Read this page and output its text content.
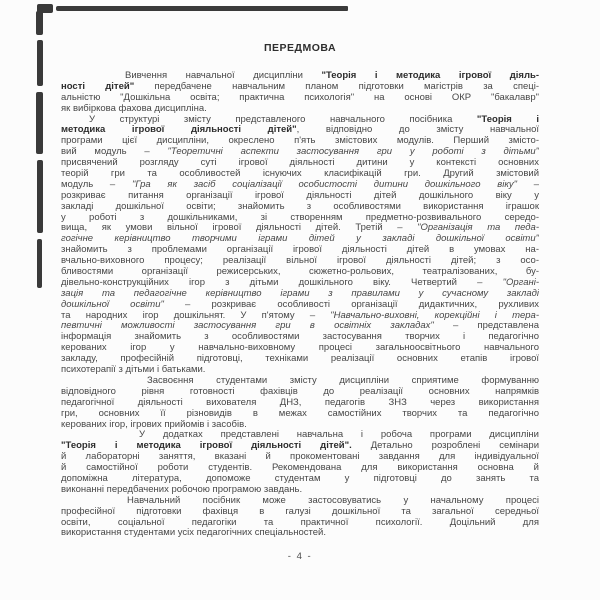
ПЕРЕДМОВА
Вивчення навчальної дисципліни "Теорія і методика ігрової діяль-
ності дітей" передбачене навчальним планом підготовки магістрів за спеці-
альністю "Дошкільна освіта; практична психологія" на основі ОКР "бакалавр"
як вибіркова фахова дисципліна.
У структурі змісту представленого навчального посібника "Теорія і
методика ігрової діяльності дітей", відповідно до змісту навчальної
програми цієї дисципліни, окреслено п'ять змістових модулів. Перший змісто-
вий модуль – "Теоретичні аспекти застосування гри у роботі з дітьми"
присвячений розгляду суті ігрової діяльності дитини у контексті основних
теорій гри та особливостей існуючих класифікацій гри. Другий змістовий
модуль – "Гра як засіб соціалізації особистості дитини дошкільного віку" –
розкриває питання організації ігрової діяльності дітей дошкільного віку у
закладі дошкільної освіти; знайомить з особливостями використання іграшок
у роботі з дошкільниками, зі створенням предметно-розвивального середо-
вища, як умови вільної ігрової діяльності дітей. Третій – "Організація та педа-
гогічне керівництво творчими іграми дітей у закладі дошкільної освіти"
знайомить з проблемами організації ігрової діяльності дітей в умовах на-
вчально-виховного процесу; реалізації вільної ігрової діяльності дітей; з осо-
бливостями організації режисерських, сюжетно-рольових, театралізованих, бу-
дівельно-конструкційних ігор з дітьми дошкільного віку. Четвертий – "Органі-
зація та педагогічне керівництво іграми з правилами у сучасному закладі
дошкільної освіти" – розкриває особливості організації дидактичних, рухливих
та народних ігор дошкільнят. У п'ятому – "Навчально-виховні, корекційні і тера-
певтичні можливості застосування гри в освітніх закладах" – представлена
інформація знайомить з особливостями застосування творчих і педагогічно
керованих ігор у навчально-виховному процесі загальноосвітнього навчального
закладу, професійній підготовці, техніками реалізації основних етапів ігрової
психотерапії з дітьми і батьками.
Засвоєння студентами змісту дисципліни сприятиме формуванню
відповідного рівня готовності фахівців до реалізації основних напрямків
педагогічної діяльності вихователя ДНЗ, педагогів ЗНЗ через використання
гри, основних її різновидів в межах самостійних творчих та педагогічно
керованих ігор, ігрових прийомів і засобів.
У додатках представлені навчальна і робоча програми дисципліни
"Теорія і методика ігрової діяльності дітей". Детально розроблені семінари
й лабораторні заняття, вказані й прокоментовані завдання для індивідуальної
й самостійної роботи студентів. Рекомендована для використання основна й
допоміжна література, допоможе студентам у підготовці до занять та
виконанні передбачених робочою програмою завдань.
Навчальний посібник може застосовуватись у начальному процесі
професійної підготовки фахівця в галузі дошкільної та загальної середньої
освіти, соціальної педагогіки та практичної психології. Доцільний для
використання студентами усіх педагогічних спеціальностей.
- 4 -
